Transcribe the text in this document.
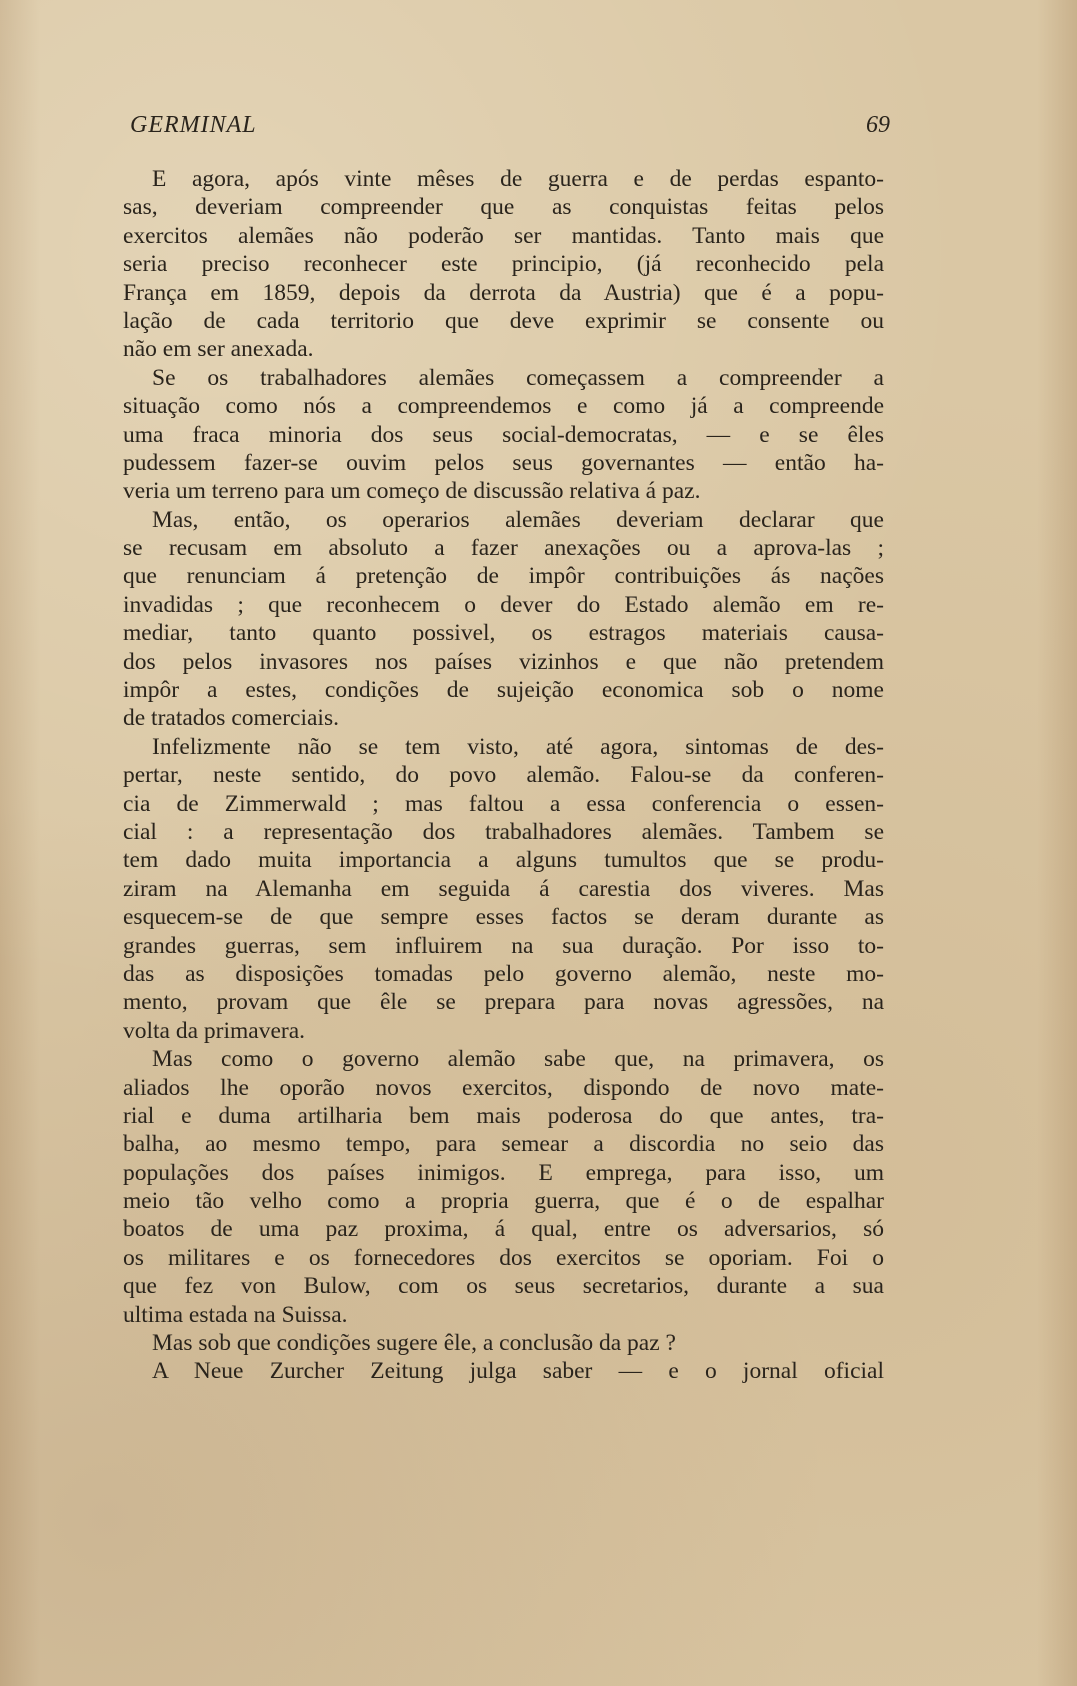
GERMINAL	69
E agora, após vinte mêses de guerra e de perdas espanto-
sas, deveriam compreender que as conquistas feitas pelos
exercitos alemães não poderão ser mantidas. Tanto mais que
seria preciso reconhecer este principio, (já reconhecido pela
França em 1859, depois da derrota da Austria) que é a popu-
lação de cada territorio que deve exprimir se consente ou
não em ser anexada.
Se os trabalhadores alemães começassem a compreender a
situação como nós a compreendemos e como já a compreende
uma fraca minoria dos seus social-democratas, — e se êles
pudessem fazer-se ouvim pelos seus governantes — então ha-
veria um terreno para um começo de discussão relativa á paz.
Mas, então, os operarios alemães deveriam declarar que
se recusam em absoluto a fazer anexações ou a aprova-las ;
que renunciam á pretenção de impôr contribuições ás nações
invadidas ; que reconhecem o dever do Estado alemão em re-
mediar, tanto quanto possivel, os estragos materiais causa-
dos pelos invasores nos países vizinhos e que não pretendem
impôr a estes, condições de sujeição economica sob o nome
de tratados comerciais.
Infelizmente não se tem visto, até agora, sintomas de des-
pertar, neste sentido, do povo alemão. Falou-se da conferen-
cia de Zimmerwald ; mas faltou a essa conferencia o essen-
cial : a representação dos trabalhadores alemães. Tambem se
tem dado muita importancia a alguns tumultos que se produ-
ziram na Alemanha em seguida á carestia dos viveres. Mas
esquecem-se de que sempre esses factos se deram durante as
grandes guerras, sem influirem na sua duração. Por isso to-
das as disposições tomadas pelo governo alemão, neste mo-
mento, provam que êle se prepara para novas agressões, na
volta da primavera.
Mas como o governo alemão sabe que, na primavera, os
aliados lhe oporão novos exercitos, dispondo de novo mate-
rial e duma artilharia bem mais poderosa do que antes, tra-
balha, ao mesmo tempo, para semear a discordia no seio das
populações dos países inimigos. E emprega, para isso, um
meio tão velho como a propria guerra, que é o de espalhar
boatos de uma paz proxima, á qual, entre os adversarios, só
os militares e os fornecedores dos exercitos se oporiam. Foi o
que fez von Bulow, com os seus secretarios, durante a sua
ultima estada na Suissa.
Mas sob que condições sugere êle, a conclusão da paz ?
A Neue Zurcher Zeitung julga saber — e o jornal oficial
